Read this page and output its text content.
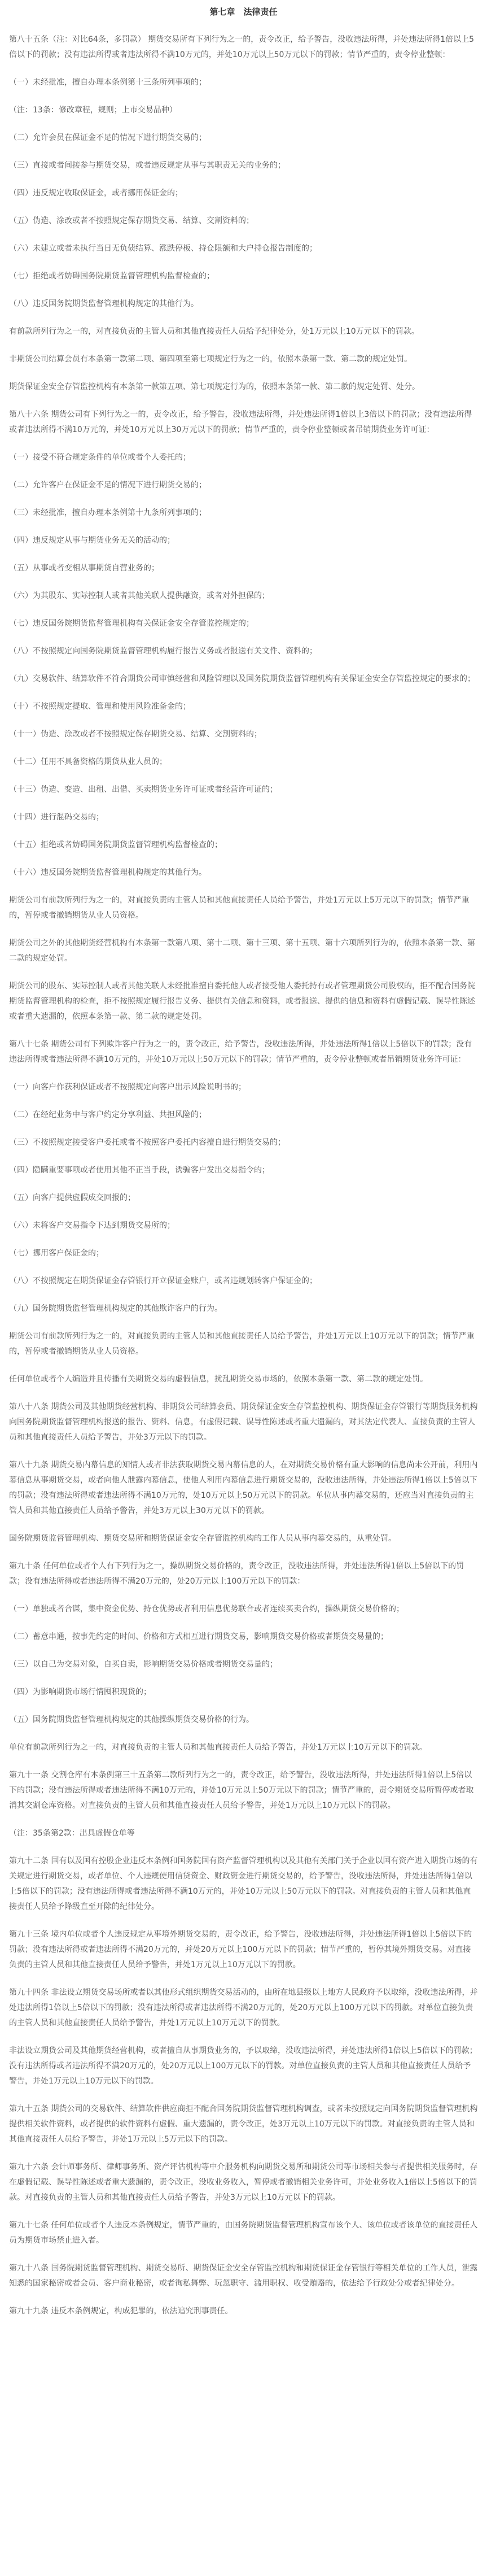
第七章　法律责任

第八十五条（注：对比64条，多罚款） 期货交易所有下列行为之一的，责令改正，给予警告，没收违法所得，并处违法所得1倍以上5倍以下的罚款；没有违法所得或者违法所得不满10万元的，并处10万元以上50万元以下的罚款；情节严重的，责令停业整顿：

（一）未经批准，擅自办理本条例第十三条所列事项的；

（注：13条：修改章程，规则；上市交易品种）

（二）允许会员在保证金不足的情况下进行期货交易的；

（三）直接或者间接参与期货交易，或者违反规定从事与其职责无关的业务的；

（四）违反规定收取保证金，或者挪用保证金的；

（五）伪造、涂改或者不按照规定保存期货交易、结算、交割资料的；

（六）未建立或者未执行当日无负债结算、涨跌停板、持仓限额和大户持仓报告制度的；

（七）拒绝或者妨碍国务院期货监督管理机构监督检查的；

（八）违反国务院期货监督管理机构规定的其他行为。

有前款所列行为之一的，对直接负责的主管人员和其他直接责任人员给予纪律处分，处1万元以上10万元以下的罚款。

非期货公司结算会员有本条第一款第二项、第四项至第七项规定行为之一的，依照本条第一款、第二款的规定处罚。

期货保证金安全存管监控机构有本条第一款第五项、第七项规定行为的，依照本条第一款、第二款的规定处罚、处分。

第八十六条 期货公司有下列行为之一的，责令改正，给予警告，没收违法所得，并处违法所得1倍以上3倍以下的罚款；没有违法所得或者违法所得不满10万元的，并处10万元以上30万元以下的罚款；情节严重的，责令停业整顿或者吊销期货业务许可证：

（一）接受不符合规定条件的单位或者个人委托的；

（二）允许客户在保证金不足的情况下进行期货交易的；

（三）未经批准，擅自办理本条例第十九条所列事项的；

（四）违反规定从事与期货业务无关的活动的；

（五）从事或者变相从事期货自营业务的；

（六）为其股东、实际控制人或者其他关联人提供融资，或者对外担保的；

（七）违反国务院期货监督管理机构有关保证金安全存管监控规定的；

（八）不按照规定向国务院期货监督管理机构履行报告义务或者报送有关文件、资料的；

（九）交易软件、结算软件不符合期货公司审慎经营和风险管理以及国务院期货监督管理机构有关保证金安全存管监控规定的要求的；

（十）不按照规定提取、管理和使用风险准备金的；

（十一）伪造、涂改或者不按照规定保存期货交易、结算、交割资料的；

（十二）任用不具备资格的期货从业人员的；

（十三）伪造、变造、出租、出借、买卖期货业务许可证或者经营许可证的；

（十四）进行混码交易的；

（十五）拒绝或者妨碍国务院期货监督管理机构监督检查的；

（十六）违反国务院期货监督管理机构规定的其他行为。

期货公司有前款所列行为之一的，对直接负责的主管人员和其他直接责任人员给予警告，并处1万元以上5万元以下的罚款；情节严重的，暂停或者撤销期货从业人员资格。

期货公司之外的其他期货经营机构有本条第一款第八项、第十二项、第十三项、第十五项、第十六项所列行为的，依照本条第一款、第二款的规定处罚。

期货公司的股东、实际控制人或者其他关联人未经批准擅自委托他人或者接受他人委托持有或者管理期货公司股权的，拒不配合国务院期货监督管理机构的检查，拒不按照规定履行报告义务、提供有关信息和资料，或者报送、提供的信息和资料有虚假记载、误导性陈述或者重大遗漏的，依照本条第一款、第二款的规定处罚。

第八十七条 期货公司有下列欺诈客户行为之一的，责令改正，给予警告，没收违法所得，并处违法所得1倍以上5倍以下的罚款；没有违法所得或者违法所得不满10万元的，并处10万元以上50万元以下的罚款；情节严重的，责令停业整顿或者吊销期货业务许可证：

（一）向客户作获利保证或者不按照规定向客户出示风险说明书的；

（二）在经纪业务中与客户约定分享利益、共担风险的；

（三）不按照规定接受客户委托或者不按照客户委托内容擅自进行期货交易的；

（四）隐瞒重要事项或者使用其他不正当手段，诱骗客户发出交易指令的；

（五）向客户提供虚假成交回报的；

（六）未将客户交易指令下达到期货交易所的；

（七）挪用客户保证金的；

（八）不按照规定在期货保证金存管银行开立保证金账户，或者违规划转客户保证金的；

（九）国务院期货监督管理机构规定的其他欺诈客户的行为。

期货公司有前款所列行为之一的，对直接负责的主管人员和其他直接责任人员给予警告，并处1万元以上10万元以下的罚款；情节严重的，暂停或者撤销期货从业人员资格。

任何单位或者个人编造并且传播有关期货交易的虚假信息，扰乱期货交易市场的，依照本条第一款、第二款的规定处罚。

第八十八条 期货公司及其他期货经营机构、非期货公司结算会员、期货保证金安全存管监控机构、期货保证金存管银行等期货服务机构向国务院期货监督管理机构报送的报告、资料、信息，有虚假记载、误导性陈述或者重大遗漏的，对其法定代表人、直接负责的主管人员和其他直接责任人员给予警告，并处3万元以下的罚款。

第八十九条 期货交易内幕信息的知情人或者非法获取期货交易内幕信息的人，在对期货交易价格有重大影响的信息尚未公开前，利用内幕信息从事期货交易，或者向他人泄露内幕信息，使他人利用内幕信息进行期货交易的，没收违法所得，并处违法所得1倍以上5倍以下的罚款；没有违法所得或者违法所得不满10万元的，处10万元以上50万元以下的罚款。单位从事内幕交易的，还应当对直接负责的主管人员和其他直接责任人员给予警告，并处3万元以上30万元以下的罚款。

国务院期货监督管理机构、期货交易所和期货保证金安全存管监控机构的工作人员从事内幕交易的，从重处罚。

第九十条 任何单位或者个人有下列行为之一，操纵期货交易价格的，责令改正，没收违法所得，并处违法所得1倍以上5倍以下的罚款；没有违法所得或者违法所得不满20万元的，处20万元以上100万元以下的罚款：

（一）单独或者合谋，集中资金优势、持仓优势或者利用信息优势联合或者连续买卖合约，操纵期货交易价格的；

（二）蓄意串通，按事先约定的时间、价格和方式相互进行期货交易，影响期货交易价格或者期货交易量的；

（三）以自己为交易对象，自买自卖，影响期货交易价格或者期货交易量的；

（四）为影响期货市场行情囤积现货的；

（五）国务院期货监督管理机构规定的其他操纵期货交易价格的行为。

单位有前款所列行为之一的，对直接负责的主管人员和其他直接责任人员给予警告，并处1万元以上10万元以下的罚款。

第九十一条 交割仓库有本条例第三十五条第二款所列行为之一的，责令改正，给予警告，没收违法所得，并处违法所得1倍以上5倍以下的罚款；没有违法所得或者违法所得不满10万元的，并处10万元以上50万元以下的罚款；情节严重的，责令期货交易所暂停或者取消其交割仓库资格。对直接负责的主管人员和其他直接责任人员给予警告，并处1万元以上10万元以下的罚款。

（注：35条第2款：出具虚假仓单等

第九十二条 国有以及国有控股企业违反本条例和国务院国有资产监督管理机构以及其他有关部门关于企业以国有资产进入期货市场的有关规定进行期货交易，或者单位、个人违规使用信贷资金、财政资金进行期货交易的，给予警告，没收违法所得，并处违法所得1倍以上5倍以下的罚款；没有违法所得或者违法所得不满10万元的，并处10万元以上50万元以下的罚款。对直接负责的主管人员和其他直接责任人员给予降级直至开除的纪律处分。

第九十三条 境内单位或者个人违反规定从事境外期货交易的，责令改正，给予警告，没收违法所得，并处违法所得1倍以上5倍以下的罚款；没有违法所得或者违法所得不满20万元的，并处20万元以上100万元以下的罚款；情节严重的，暂停其境外期货交易。对直接负责的主管人员和其他直接责任人员给予警告，并处1万元以上10万元以下的罚款。

第九十四条 非法设立期货交易场所或者以其他形式组织期货交易活动的，由所在地县级以上地方人民政府予以取缔，没收违法所得，并处违法所得1倍以上5倍以下的罚款；没有违法所得或者违法所得不满20万元的，处20万元以上100万元以下的罚款。对单位直接负责的主管人员和其他直接责任人员给予警告，并处1万元以上10万元以下的罚款。

非法设立期货公司及其他期货经营机构，或者擅自从事期货业务的，予以取缔，没收违法所得，并处违法所得1倍以上5倍以下的罚款；没有违法所得或者违法所得不满20万元的，处20万元以上100万元以下的罚款。对单位直接负责的主管人员和其他直接责任人员给予警告，并处1万元以上10万元以下的罚款。

第九十五条 期货公司的交易软件、结算软件供应商拒不配合国务院期货监督管理机构调查，或者未按照规定向国务院期货监督管理机构提供相关软件资料，或者提供的软件资料有虚假、重大遗漏的，责令改正，处3万元以上10万元以下的罚款。对直接负责的主管人员和其他直接责任人员给予警告，并处1万元以上5万元以下的罚款。

第九十六条 会计师事务所、律师事务所、资产评估机构等中介服务机构向期货交易所和期货公司等市场相关参与者提供相关服务时，存在虚假记载、误导性陈述或者重大遗漏的，责令改正，没收业务收入，暂停或者撤销相关业务许可，并处业务收入1倍以上5倍以下的罚款。对直接负责的主管人员和其他直接责任人员给予警告，并处3万元以上10万元以下的罚款。

第九十七条 任何单位或者个人违反本条例规定，情节严重的，由国务院期货监督管理机构宣布该个人、该单位或者该单位的直接责任人员为期货市场禁止进入者。

第九十八条 国务院期货监督管理机构、期货交易所、期货保证金安全存管监控机构和期货保证金存管银行等相关单位的工作人员，泄露知悉的国家秘密或者会员、客户商业秘密，或者徇私舞弊、玩忽职守、滥用职权、收受贿赂的，依法给予行政处分或者纪律处分。

第九十九条 违反本条例规定，构成犯罪的，依法追究刑事责任。
